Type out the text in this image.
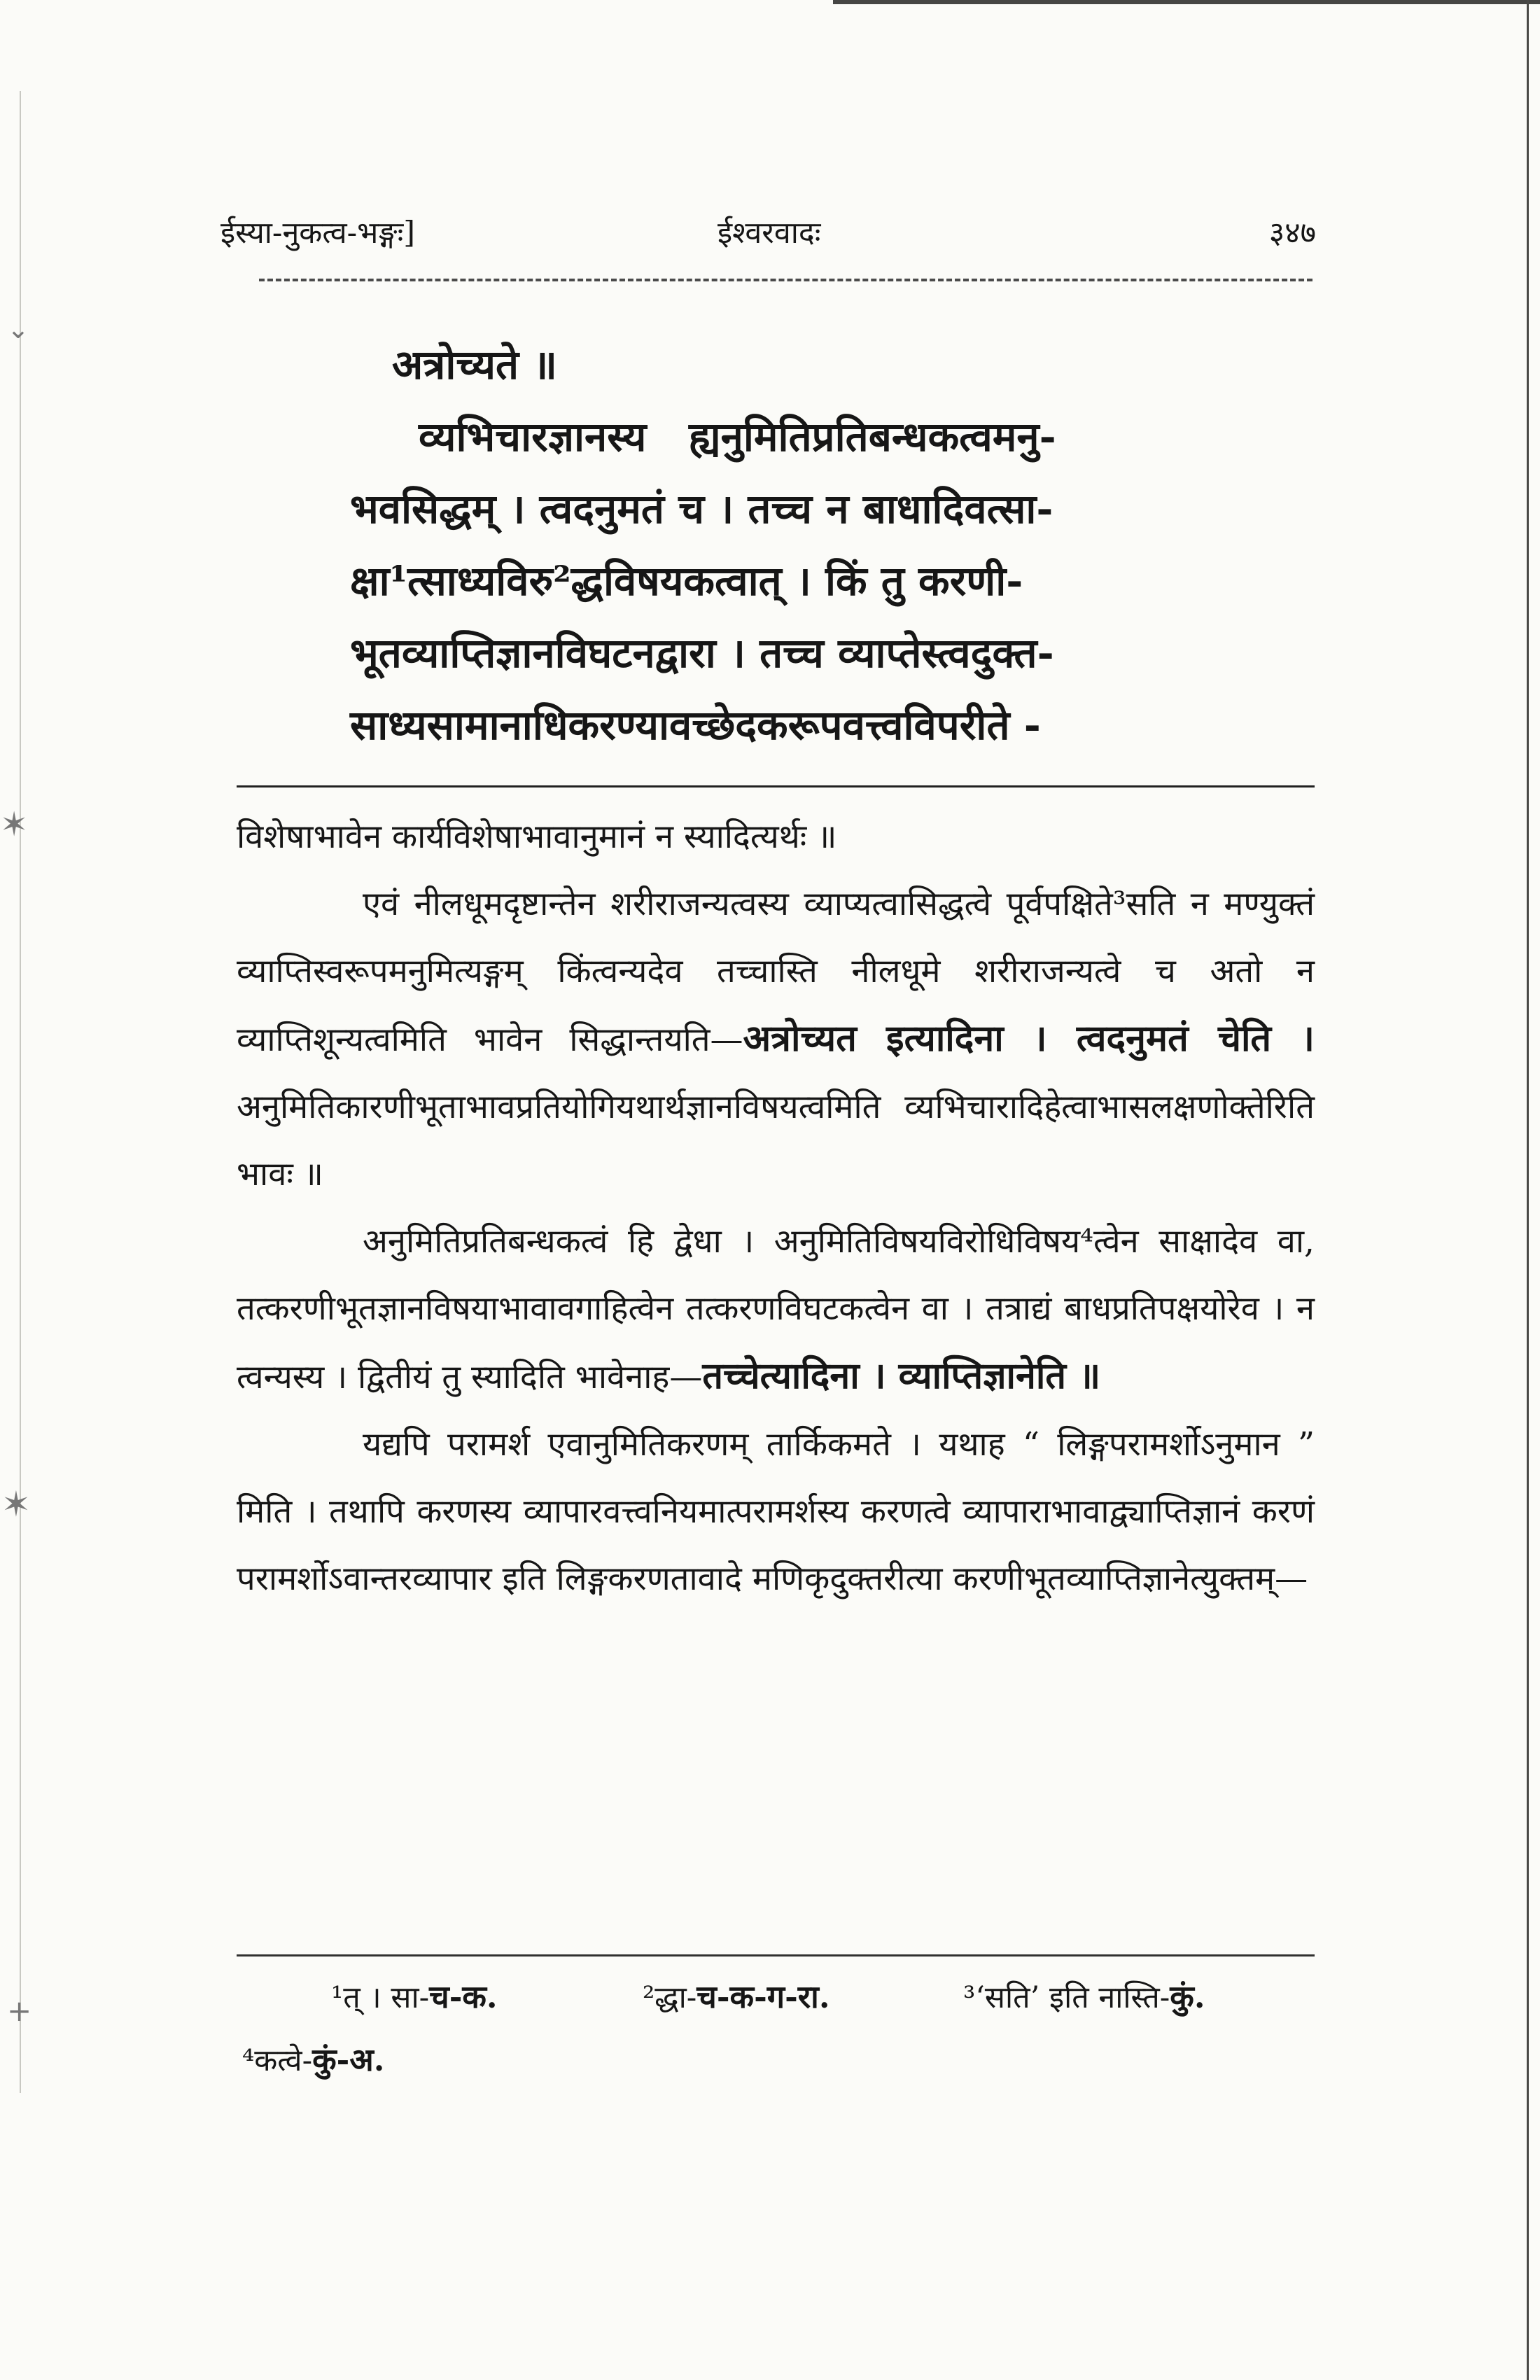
⌄
✶
✶
+
ईस्या-नुकत्व-भङ्गः]	ईश्वरवादः	३४७

अत्रोच्यते ॥

व्यभिचारज्ञानस्य   ह्यनुमितिप्रतिबन्धकत्वमनु-

भवसिद्धम् । त्वदनुमतं च । तच्च न बाधादिवत्सा-

क्षा¹त्साध्यविरु²द्धविषयकत्वात् । किं तु करणी-

भूतव्याप्तिज्ञानविघटनद्वारा । तच्च व्याप्तेस्त्वदुक्त-

साध्यसामानाधिकरण्यावच्छेदकरूपवत्त्वविपरीते -

विशेषाभावेन कार्यविशेषाभावानुमानं न स्यादित्यर्थः ॥

एवं नीलधूमदृष्टान्तेन शरीराजन्यत्वस्य व्याप्यत्वासिद्धत्वे पूर्वपक्षिते³सति न मण्युक्तं व्याप्तिस्वरूपमनुमित्यङ्गम् किंत्वन्यदेव तच्चास्ति नीलधूमे शरीराजन्यत्वे च अतो न व्याप्तिशून्यत्वमिति भावेन सिद्धान्तयति—अत्रोच्यत इत्यादिना । त्वदनुमतं चेति ।अनुमितिकारणीभूताभावप्रतियोगियथार्थज्ञानविषयत्वमिति व्यभिचारादिहेत्वाभासलक्षणोक्तेरिति भावः ॥

अनुमितिप्रतिबन्धकत्वं हि द्वेधा । अनुमितिविषयविरोधिविषय⁴त्वेन साक्षादेव वा, तत्करणीभूतज्ञानविषयाभावावगाहित्वेन तत्करणविघटकत्वेन वा । तत्राद्यं बाधप्रतिपक्षयोरेव । न त्वन्यस्य । द्वितीयं तु स्यादिति भावेनाह—तच्चेत्यादिना । व्याप्तिज्ञानेति ॥

यद्यपि परामर्श एवानुमितिकरणम् तार्किकमते । यथाह “ लिङ्गपरामर्शोऽनुमान ” मिति । तथापि करणस्य व्यापारवत्त्वनियमात्परामर्शस्य करणत्वे व्यापाराभावाद्व्याप्तिज्ञानं करणं परामर्शोऽवान्तरव्यापार इति लिङ्गकरणतावादे मणिकृदुक्तरीत्या करणीभूतव्याप्तिज्ञानेत्युक्तम्—

¹त् । सा-च-क.	²द्धा-च-क-ग-रा.	³‘सति’ इति नास्ति-कुं.
⁴कत्वे-कुं-अ.
